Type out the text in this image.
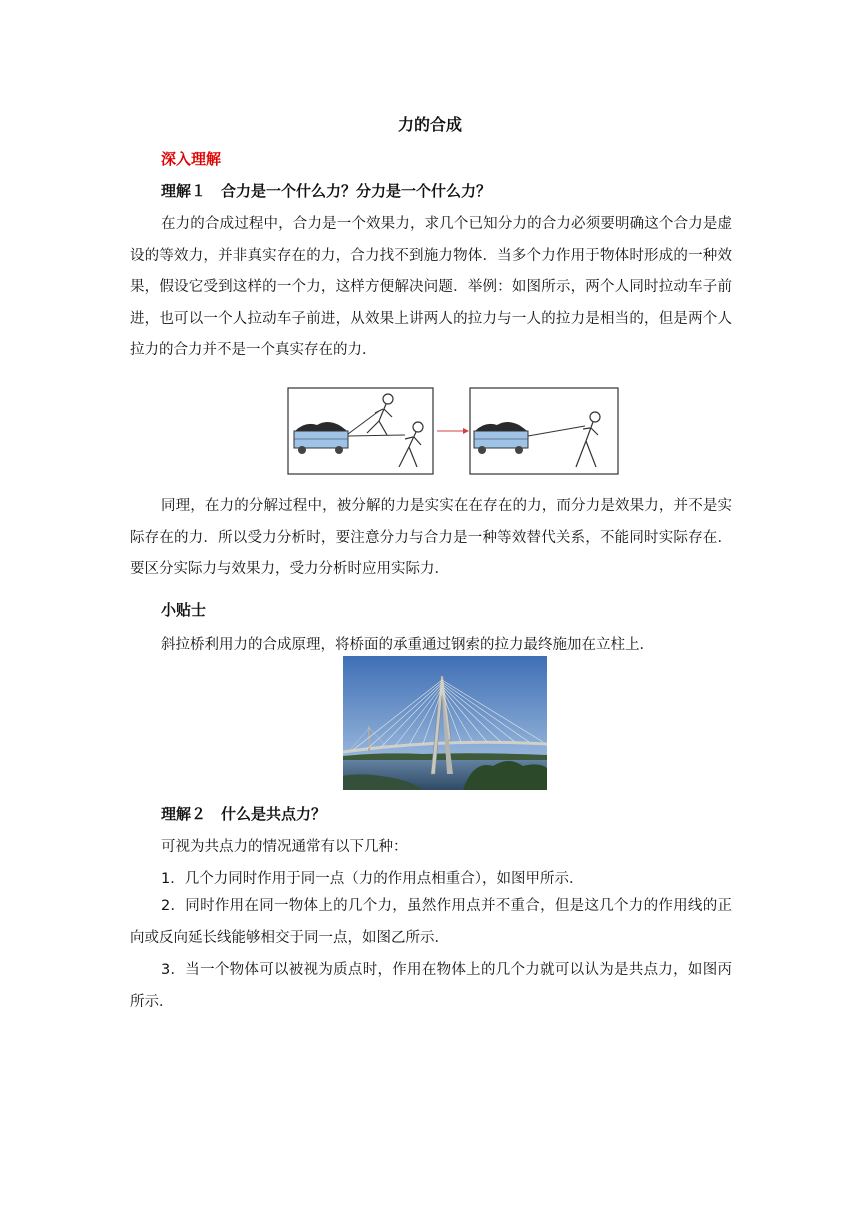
力的合成
深入理解
理解１　合力是一个什么力？分力是一个什么力？

在力的合成过程中，合力是一个效果力，求几个已知分力的合力必须要明确这个合力是虚设的等效力，并非真实存在的力，合力找不到施力物体．当多个力作用于物体时形成的一种效果，假设它受到这样的一个力，这样方便解决问题．举例：如图所示，两个人同时拉动车子前进，也可以一个人拉动车子前进，从效果上讲两人的拉力与一人的拉力是相当的，但是两个人拉力的合力并不是一个真实存在的力．

同理，在力的分解过程中，被分解的力是实实在在存在的力，而分力是效果力，并不是实际存在的力．所以受力分析时，要注意分力与合力是一种等效替代关系，不能同时实际存在．要区分实际力与效果力，受力分析时应用实际力．

小贴士

斜拉桥利用力的合成原理，将桥面的承重通过钢索的拉力最终施加在立柱上．

理解２　什么是共点力？

可视为共点力的情况通常有以下几种：

1．几个力同时作用于同一点（力的作用点相重合），如图甲所示．

2．同时作用在同一物体上的几个力，虽然作用点并不重合，但是这几个力的作用线的正向或反向延长线能够相交于同一点，如图乙所示．

3．当一个物体可以被视为质点时，作用在物体上的几个力就可以认为是共点力，如图丙所示．
